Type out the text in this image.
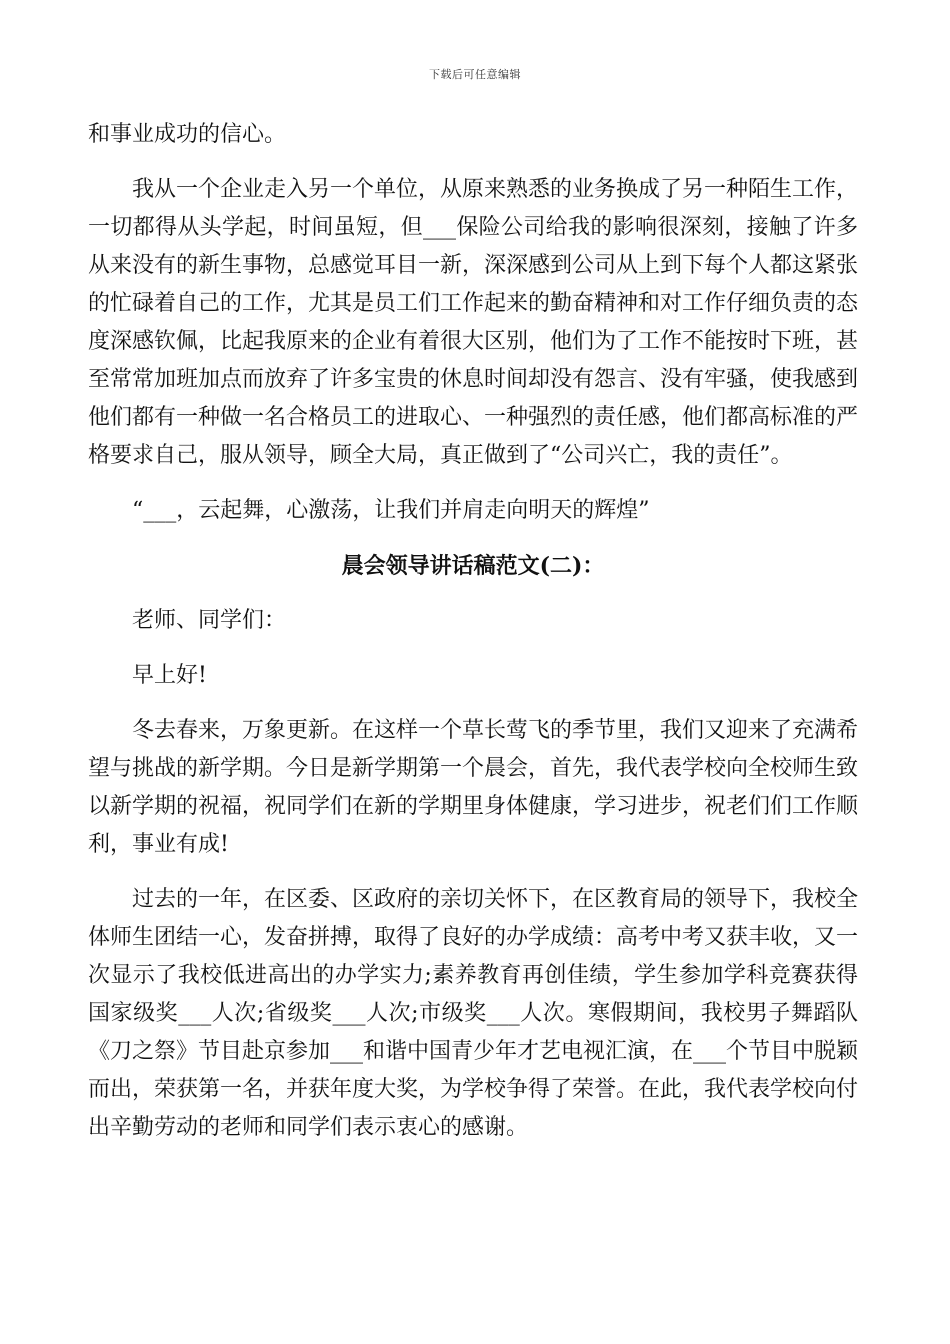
下载后可任意编辑

和事业成功的信心。

我从一个企业走入另一个单位，从原来熟悉的业务换成了另一种陌生工作，一切都得从头学起，时间虽短，但___保险公司给我的影响很深刻，接触了许多从来没有的新生事物，总感觉耳目一新，深深感到公司从上到下每个人都这紧张的忙碌着自己的工作，尤其是员工们工作起来的勤奋精神和对工作仔细负责的态度深感钦佩，比起我原来的企业有着很大区别，他们为了工作不能按时下班，甚至常常加班加点而放弃了许多宝贵的休息时间却没有怨言、没有牢骚，使我感到他们都有一种做一名合格员工的进取心、一种强烈的责任感，他们都高标准的严格要求自己，服从领导，顾全大局，真正做到了“公司兴亡，我的责任”。

“___，云起舞，心激荡，让我们并肩走向明天的辉煌”

晨会领导讲话稿范文(二)：

老师、同学们：

早上好!

冬去春来，万象更新。在这样一个草长莺飞的季节里，我们又迎来了充满希望与挑战的新学期。今日是新学期第一个晨会，首先，我代表学校向全校师生致以新学期的祝福，祝同学们在新的学期里身体健康，学习进步，祝老们们工作顺利，事业有成!

过去的一年，在区委、区政府的亲切关怀下，在区教育局的领导下，我校全体师生团结一心，发奋拼搏，取得了良好的办学成绩：高考中考又获丰收，又一次显示了我校低进高出的办学实力;素养教育再创佳绩，学生参加学科竞赛获得国家级奖___人次;省级奖___人次;市级奖___人次。寒假期间，我校男子舞蹈队《刀之祭》节目赴京参加___和谐中国青少年才艺电视汇演，在___个节目中脱颖而出，荣获第一名，并获年度大奖，为学校争得了荣誉。在此，我代表学校向付出辛勤劳动的老师和同学们表示衷心的感谢。
